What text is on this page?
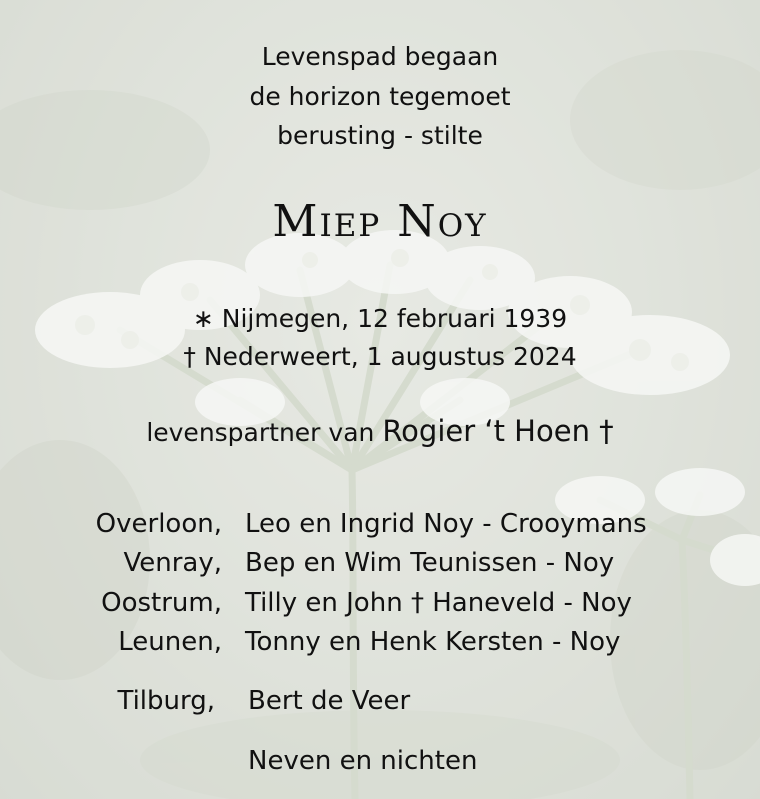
Levenspad begaan
de horizon tegemoet
berusting - stilte
Miep Noy
∗ Nijmegen, 12 februari 1939
† Nederweert, 1 augustus 2024
levenspartner van Rogier ‘t Hoen †
Overloon, Leo en Ingrid Noy - Crooymans
Venray, Bep en Wim Teunissen - Noy
Oostrum, Tilly en John † Haneveld - Noy
Leunen, Tonny en Henk Kersten - Noy
Tilburg, Bert de Veer
Neven en nichten
